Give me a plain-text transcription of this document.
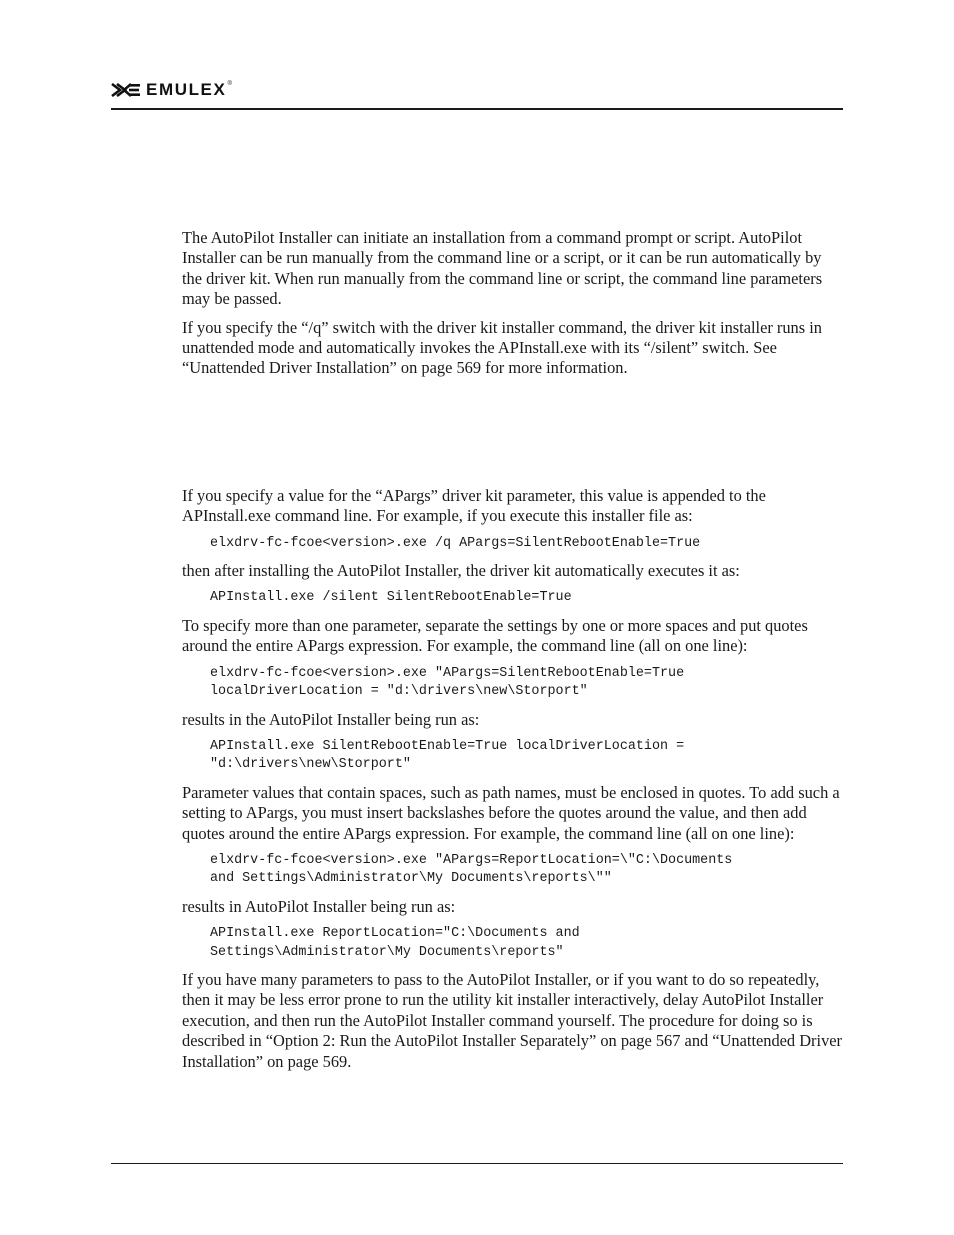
EMULEX ®

The AutoPilot Installer can initiate an installation from a command prompt or script. AutoPilot Installer can be run manually from the command line or a script, or it can be run automatically by the driver kit. When run manually from the command line or script, the command line parameters may be passed.

If you specify the “/q” switch with the driver kit installer command, the driver kit installer runs in unattended mode and automatically invokes the APInstall.exe with its “/silent” switch. See “Unattended Driver Installation” on page 569 for more information.

If you specify a value for the “APargs” driver kit parameter, this value is appended to the APInstall.exe command line. For example, if you execute this installer file as:

elxdrv-fc-fcoe<version>.exe /q APargs=SilentRebootEnable=True

then after installing the AutoPilot Installer, the driver kit automatically executes it as:

APInstall.exe /silent SilentRebootEnable=True

To specify more than one parameter, separate the settings by one or more spaces and put quotes around the entire APargs expression. For example, the command line (all on one line):

elxdrv-fc-fcoe<version>.exe "APargs=SilentRebootEnable=True
localDriverLocation = "d:\drivers\new\Storport"

results in the AutoPilot Installer being run as:

APInstall.exe SilentRebootEnable=True localDriverLocation =
"d:\drivers\new\Storport"

Parameter values that contain spaces, such as path names, must be enclosed in quotes. To add such a setting to APargs, you must insert backslashes before the quotes around the value, and then add quotes around the entire APargs expression. For example, the command line (all on one line):

elxdrv-fc-fcoe<version>.exe "APargs=ReportLocation=\"C:\Documents
and Settings\Administrator\My Documents\reports\""

results in AutoPilot Installer being run as:

APInstall.exe ReportLocation="C:\Documents and
Settings\Administrator\My Documents\reports"

If you have many parameters to pass to the AutoPilot Installer, or if you want to do so repeatedly, then it may be less error prone to run the utility kit installer interactively, delay AutoPilot Installer execution, and then run the AutoPilot Installer command yourself. The procedure for doing so is described in “Option 2: Run the AutoPilot Installer Separately” on page 567 and “Unattended Driver Installation” on page 569.
